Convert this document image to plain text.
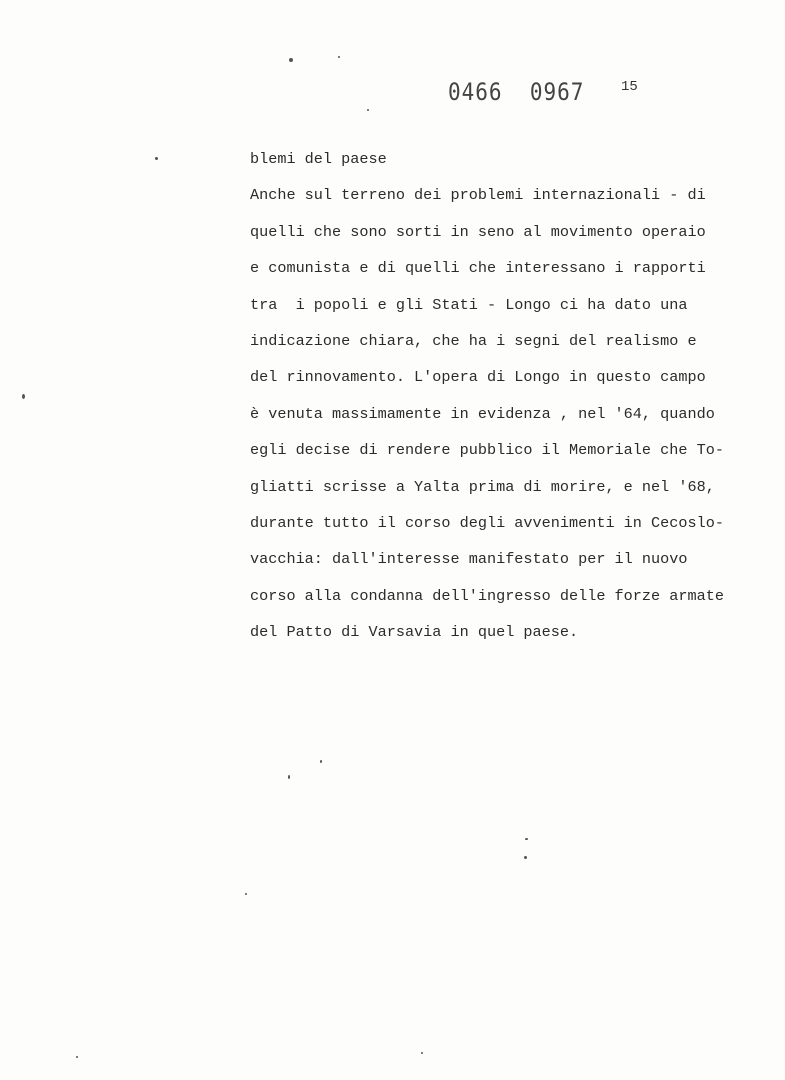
0466  0967	15
blemi del paese
Anche sul terreno dei problemi internazionali - di
quelli che sono sorti in seno al movimento operaio
e comunista e di quelli che interessano i rapporti
tra  i popoli e gli Stati - Longo ci ha dato una
indicazione chiara, che ha i segni del realismo e
del rinnovamento. L'opera di Longo in questo campo
è venuta massimamente in evidenza , nel '64, quando
egli decise di rendere pubblico il Memoriale che To-
gliatti scrisse a Yalta prima di morire, e nel '68,
durante tutto il corso degli avvenimenti in Cecoslo-
vacchia: dall'interesse manifestato per il nuovo
corso alla condanna dell'ingresso delle forze armate
del Patto di Varsavia in quel paese.
